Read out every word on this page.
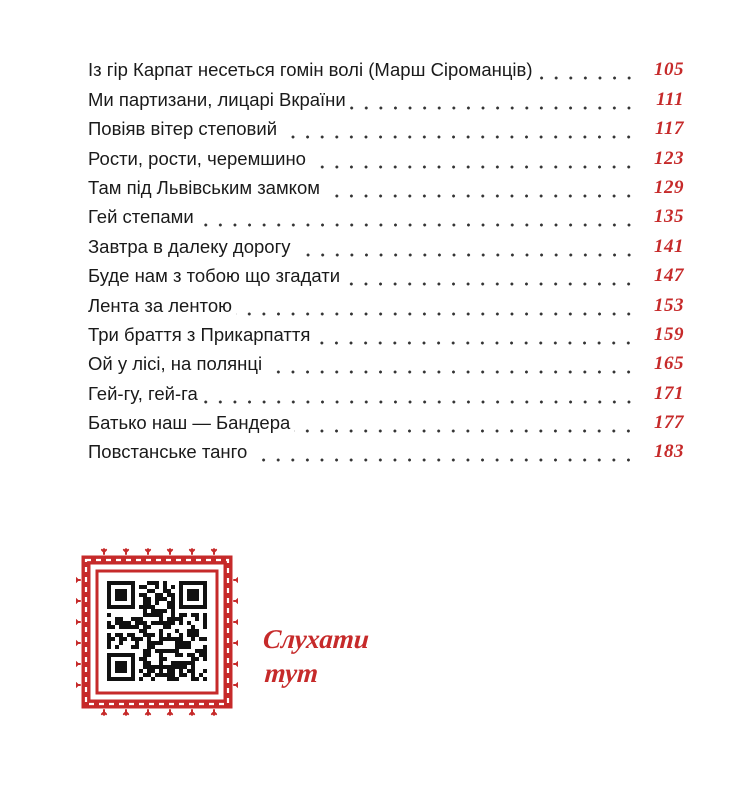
Із гір Карпат несеться гомін волі (Марш Сіроманців)	105
Ми партизани, лицарі Вкраїни	111
Повіяв вітер степовий	117
Рости, рости, черемшино	123
Там під Львівським замком	129
Гей степами	135
Завтра в далеку дорогу	141
Буде нам з тобою що згадати	147
Лента за лентою	153
Три браття з Прикарпаття	159
Ой у лісі, на полянці	165
Гей-гу, гей-га	171
Батько наш — Бандера	177
Повстанське танго	183
Слухати
тут
